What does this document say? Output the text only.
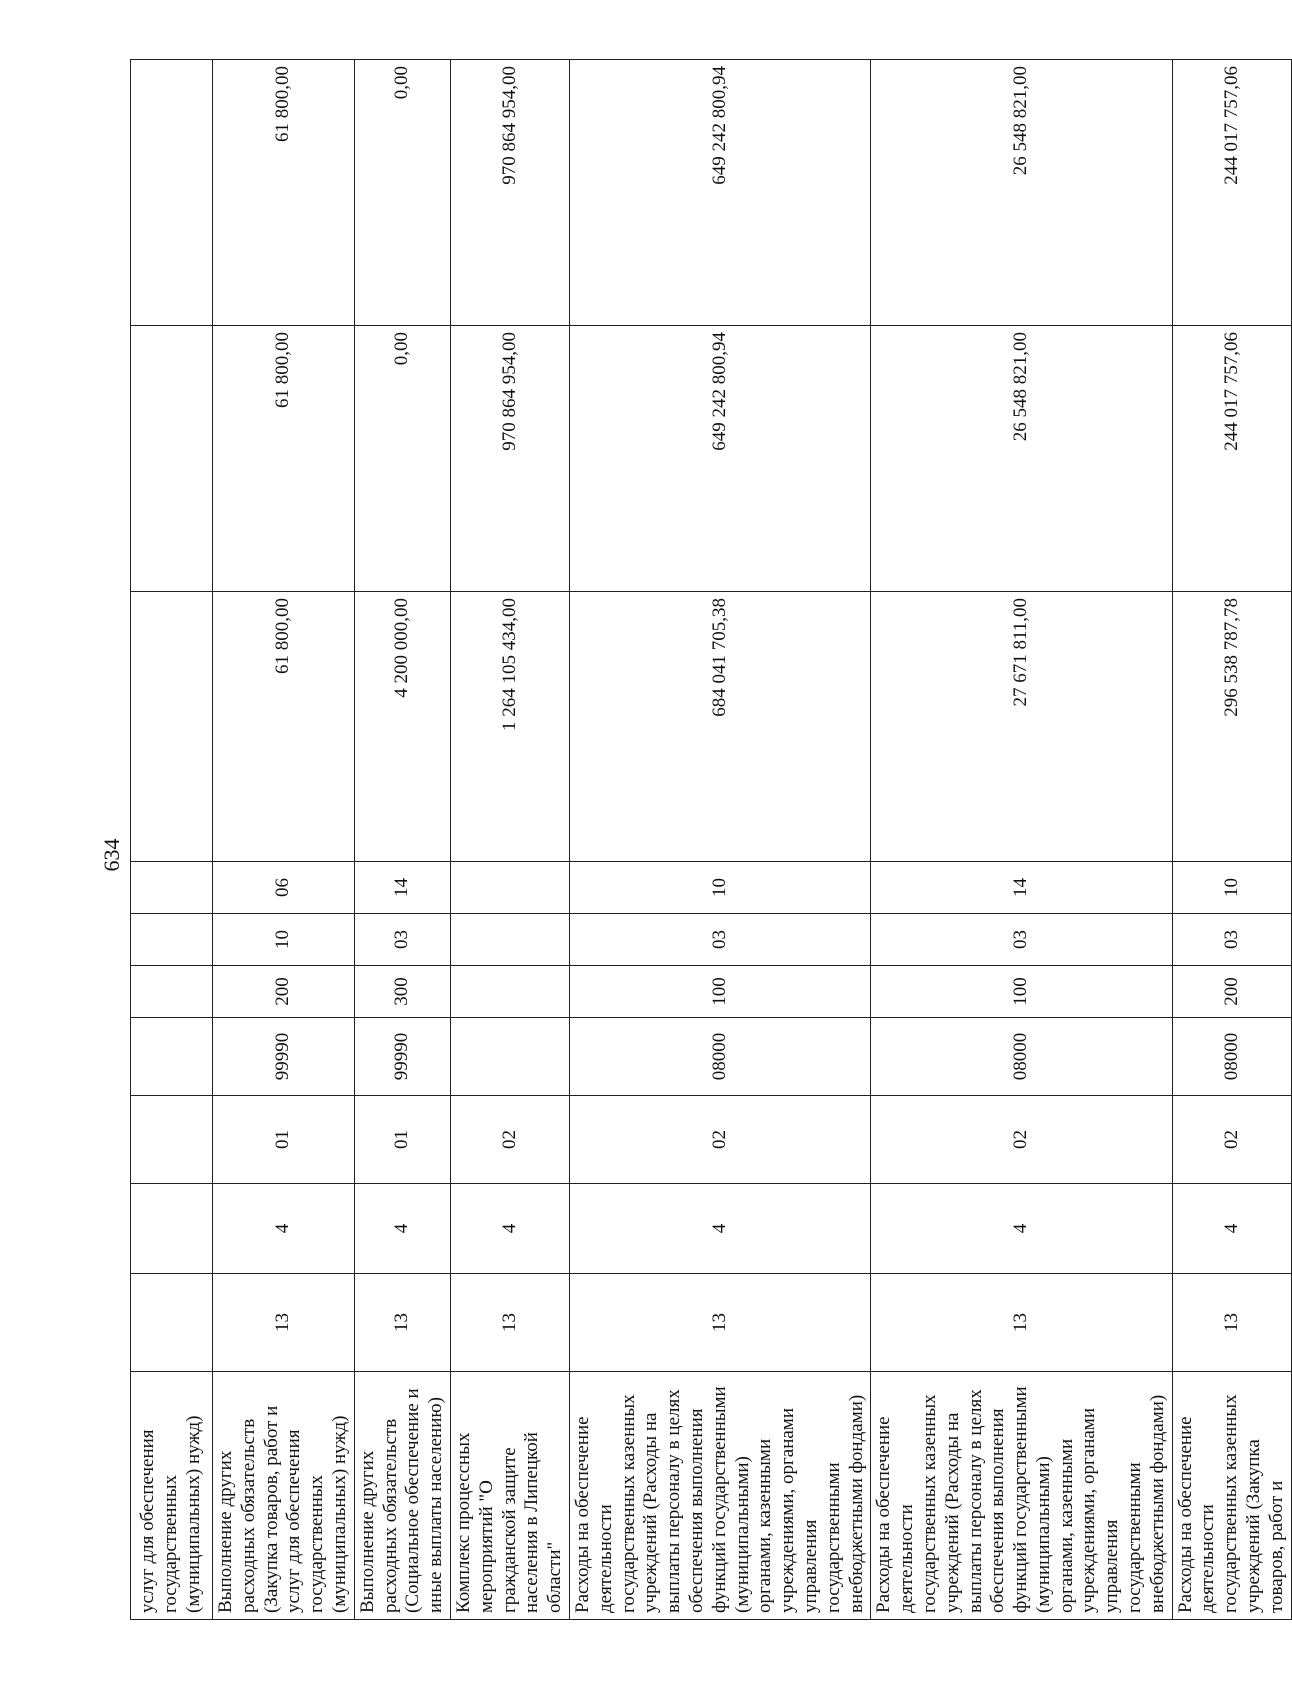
634
услуг для обеспечения государственных (муниципальных) нужд)										
Выполнение других расходных обязательств (Закупка товаров, работ и услуг для обеспечения государственных (муниципальных) нужд)	13	4	01	99990	200	10	06	61 800,00	61 800,00	61 800,00
Выполнение других расходных обязательств (Социальное обеспечение и иные выплаты населению)	13	4	01	99990	300	03	14	4 200 000,00	0,00	0,00
Комплекс процессных мероприятий "О гражданской защите населения в Липецкой области"	13	4	02					1 264 105 434,00	970 864 954,00	970 864 954,00
Расходы на обеспечение деятельности государственных казенных учреждений (Расходы на выплаты персоналу в целях обеспечения выполнения функций государственными (муниципальными) органами, казенными учреждениями, органами управления государственными внебюджетными фондами)	13	4	02	08000	100	03	10	684 041 705,38	649 242 800,94	649 242 800,94
Расходы на обеспечение деятельности государственных казенных учреждений (Расходы на выплаты персоналу в целях обеспечения выполнения функций государственными (муниципальными) органами, казенными учреждениями, органами управления государственными внебюджетными фондами)	13	4	02	08000	100	03	14	27 671 811,00	26 548 821,00	26 548 821,00
Расходы на обеспечение деятельности государственных казенных учреждений (Закупка товаров, работ и	13	4	02	08000	200	03	10	296 538 787,78	244 017 757,06	244 017 757,06
